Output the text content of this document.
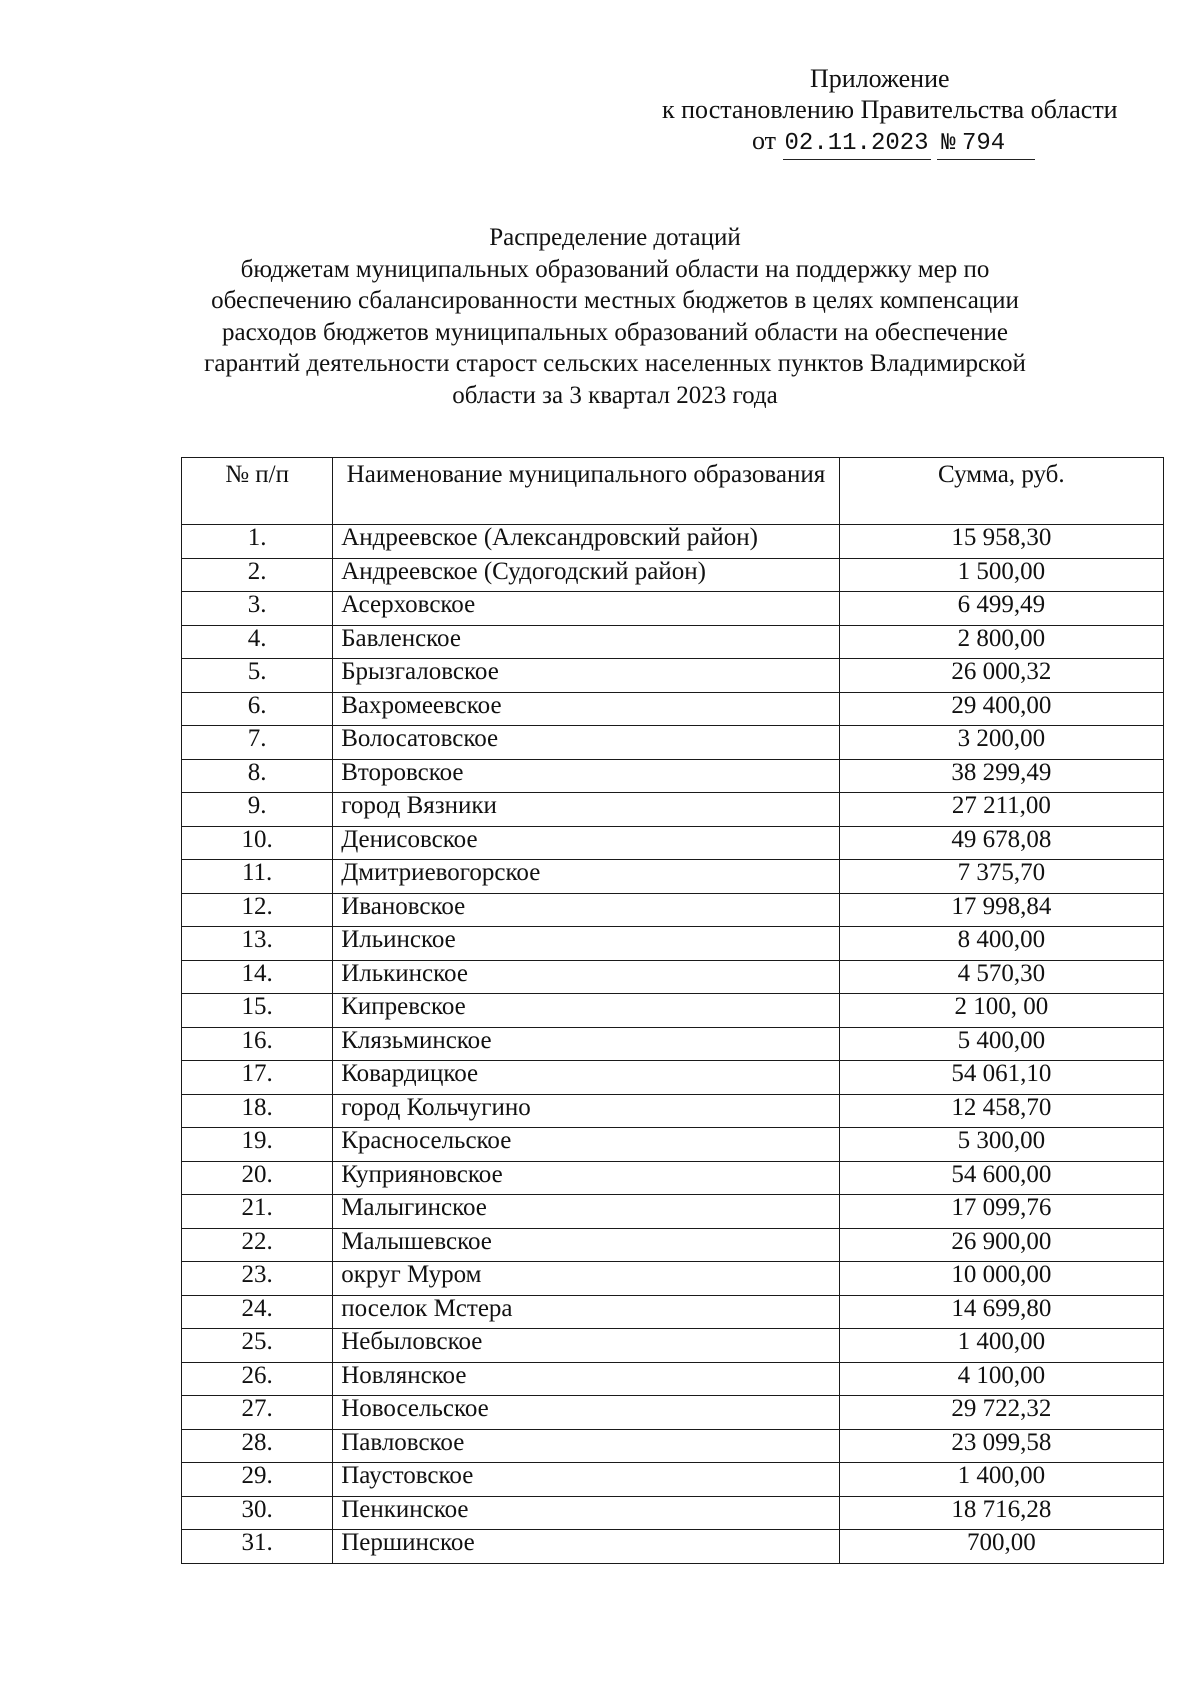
Приложение
к постановлению Правительства области
от 02.11.2023 № 794
Распределение дотаций
бюджетам муниципальных образований области на поддержку мер по
обеспечению сбалансированности местных бюджетов в целях компенсации
расходов бюджетов муниципальных образований области на обеспечение
гарантий деятельности старост сельских населенных пунктов Владимирской
области за 3 квартал 2023 года
№ п/п	Наименование муниципального образования	Сумма, руб.
1.	Андреевское (Александровский район)	15 958,30
2.	Андреевское (Судогодский район)	1 500,00
3.	Асерховское	6 499,49
4.	Бавленское	2 800,00
5.	Брызгаловское	26 000,32
6.	Вахромеевское	29 400,00
7.	Волосатовское	3 200,00
8.	Второвское	38 299,49
9.	город Вязники	27 211,00
10.	Денисовское	49 678,08
11.	Дмитриевогорское	7 375,70
12.	Ивановское	17 998,84
13.	Ильинское	8 400,00
14.	Илькинское	4 570,30
15.	Кипревское	2 100, 00
16.	Клязьминское	5 400,00
17.	Ковардицкое	54 061,10
18.	город Кольчугино	12 458,70
19.	Красносельское	5 300,00
20.	Куприяновское	54 600,00
21.	Малыгинское	17 099,76
22.	Малышевское	26 900,00
23.	округ Муром	10 000,00
24.	поселок Мстера	14 699,80
25.	Небыловское	1 400,00
26.	Новлянское	4 100,00
27.	Новосельское	29 722,32
28.	Павловское	23 099,58
29.	Паустовское	1 400,00
30.	Пенкинское	18 716,28
31.	Першинское	700,00
